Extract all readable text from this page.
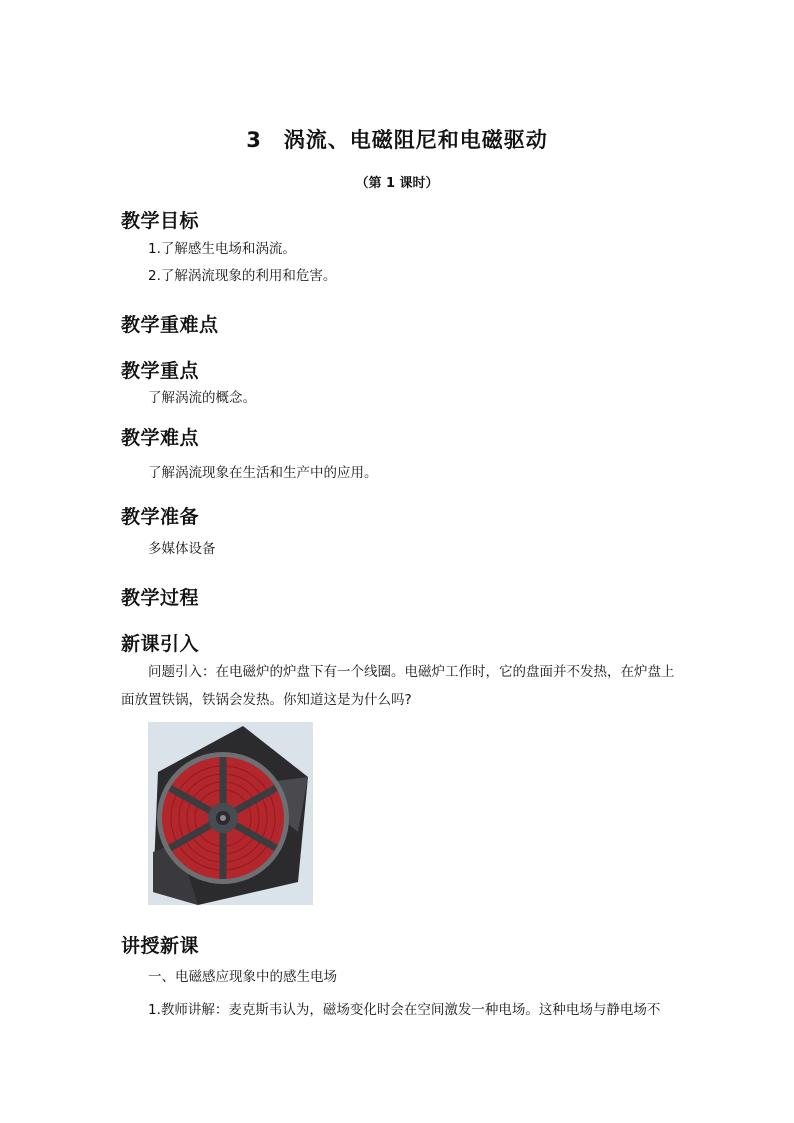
3　涡流、电磁阻尼和电磁驱动
（第 1 课时）
教学目标
1.了解感生电场和涡流。
2.了解涡流现象的利用和危害。
教学重难点
教学重点
了解涡流的概念。
教学难点
了解涡流现象在生活和生产中的应用。
教学准备
多媒体设备
教学过程
新课引入
问题引入：在电磁炉的炉盘下有一个线圈。电磁炉工作时，它的盘面并不发热，在炉盘上面放置铁锅，铁锅会发热。你知道这是为什么吗?
讲授新课
一、电磁感应现象中的感生电场
1.教师讲解：麦克斯韦认为，磁场变化时会在空间激发一种电场。这种电场与静电场不
